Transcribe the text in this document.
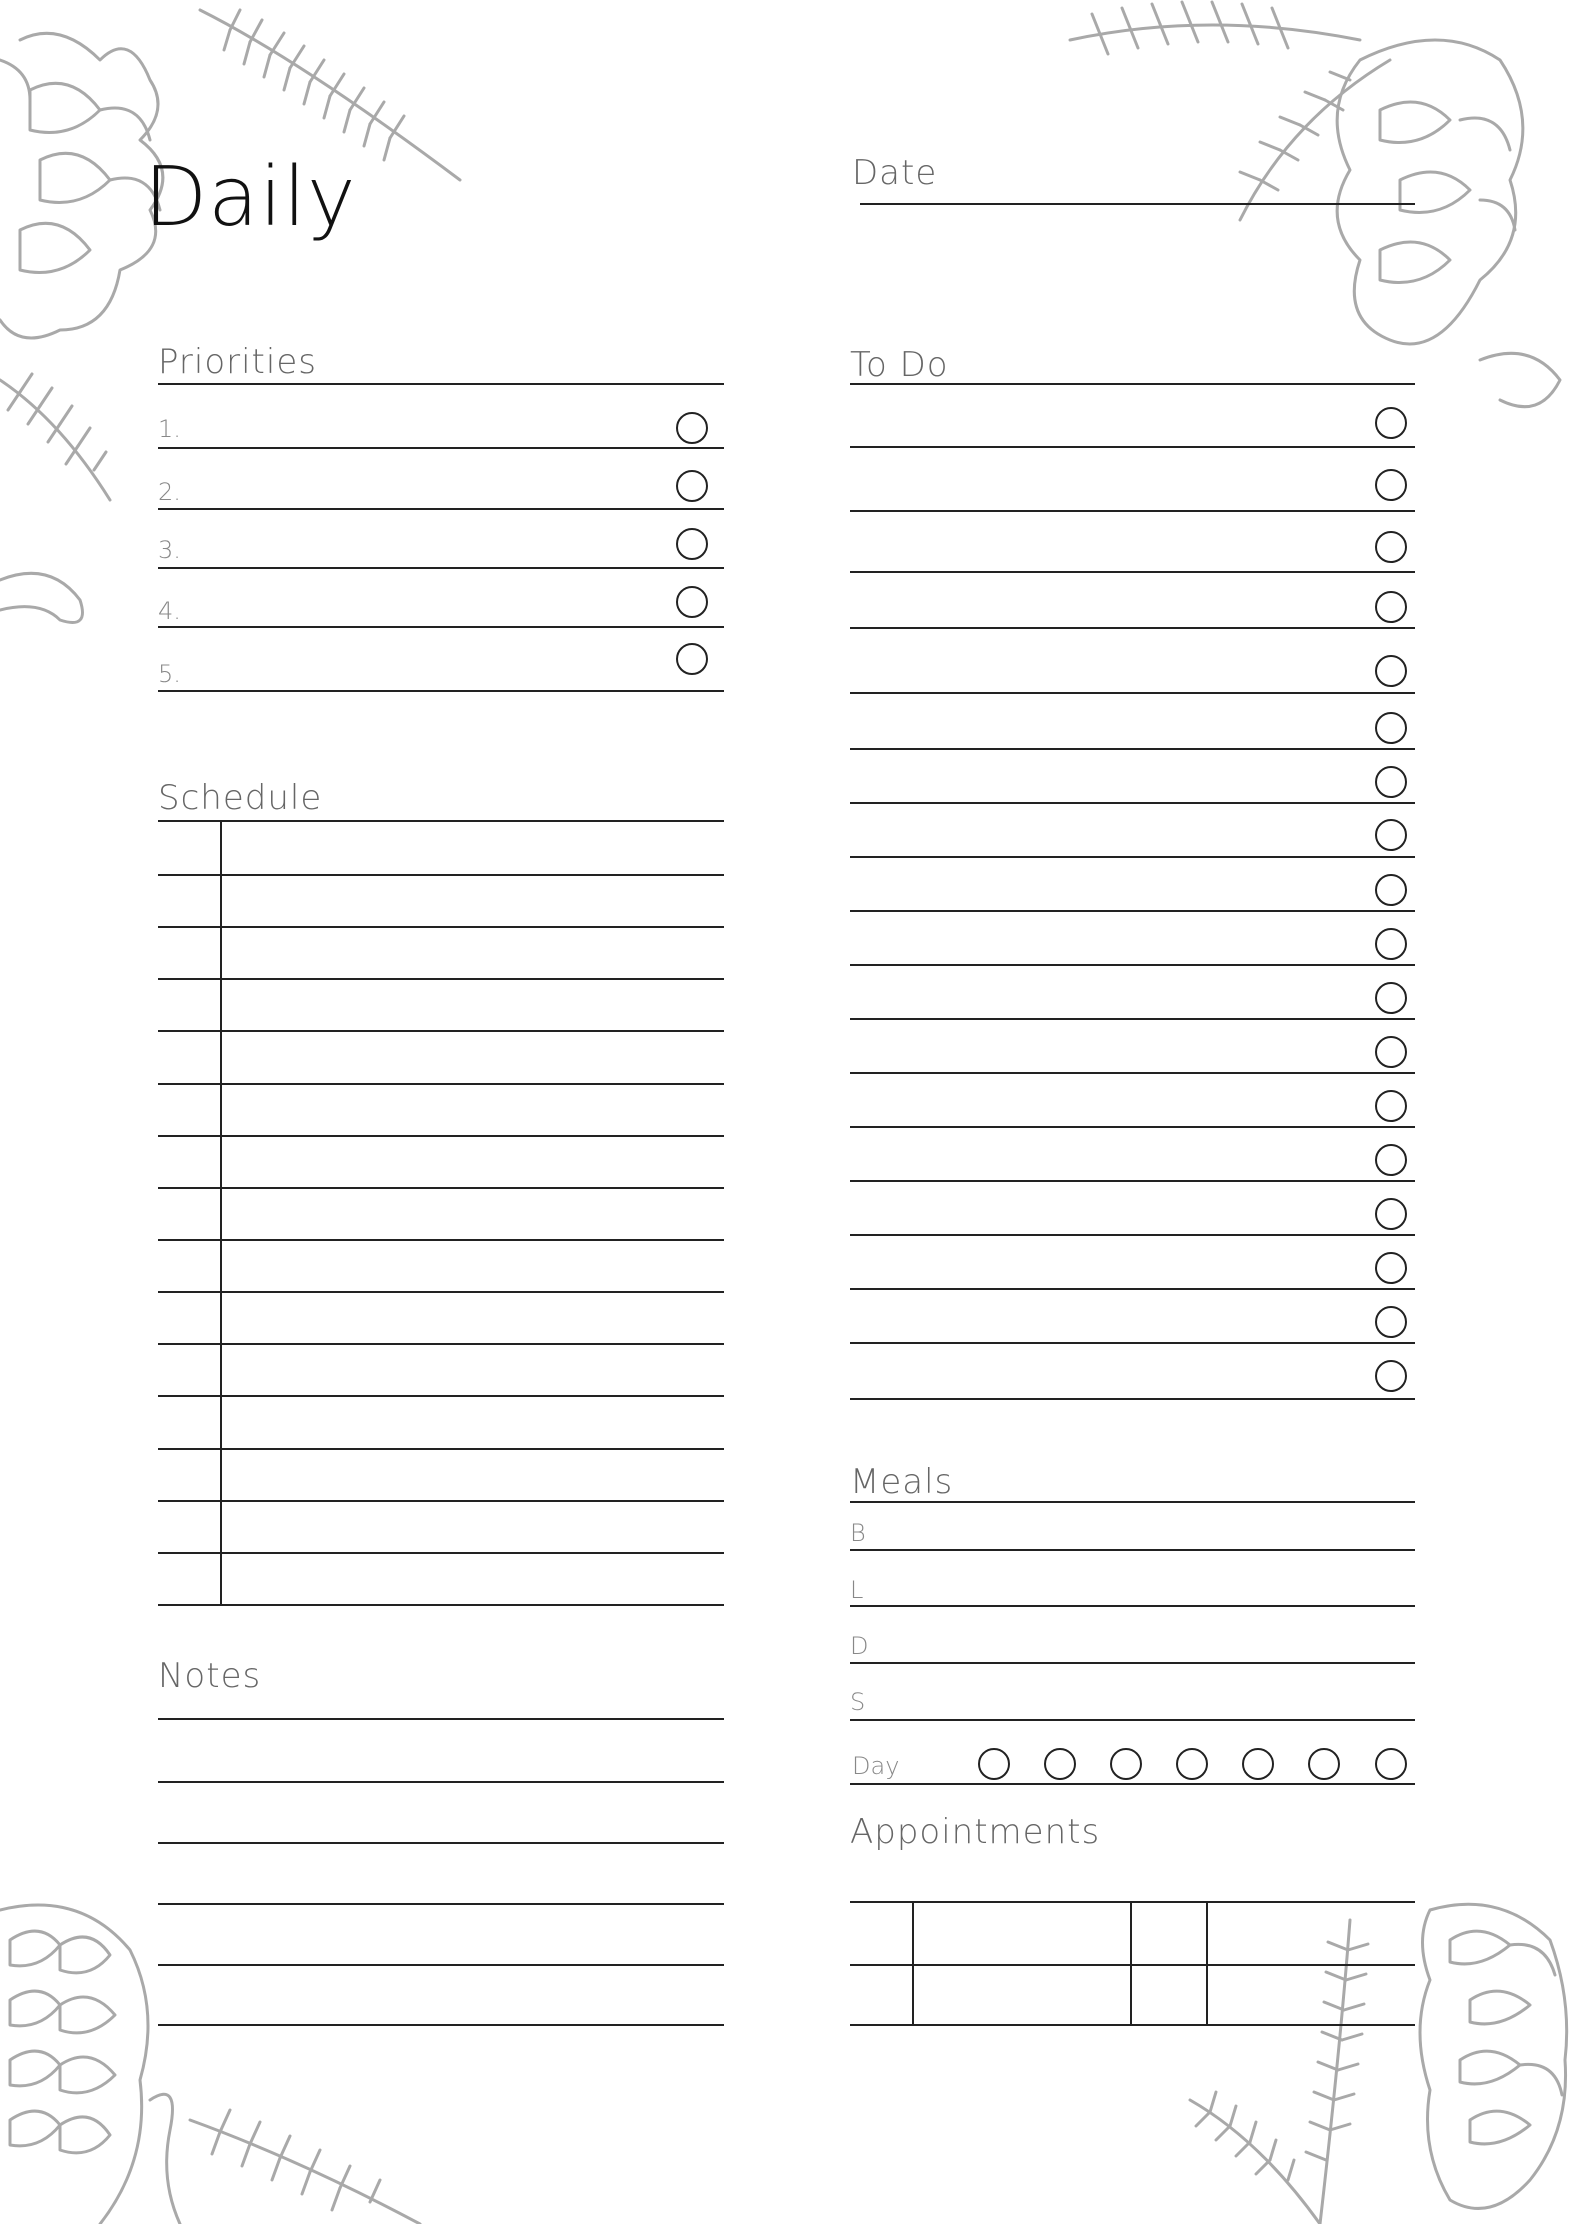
Daily	Date
Priorities
1.
2.
3.
4.
5.
Schedule
Notes
To Do
Meals
B
L
D
S
Day
Appointments
